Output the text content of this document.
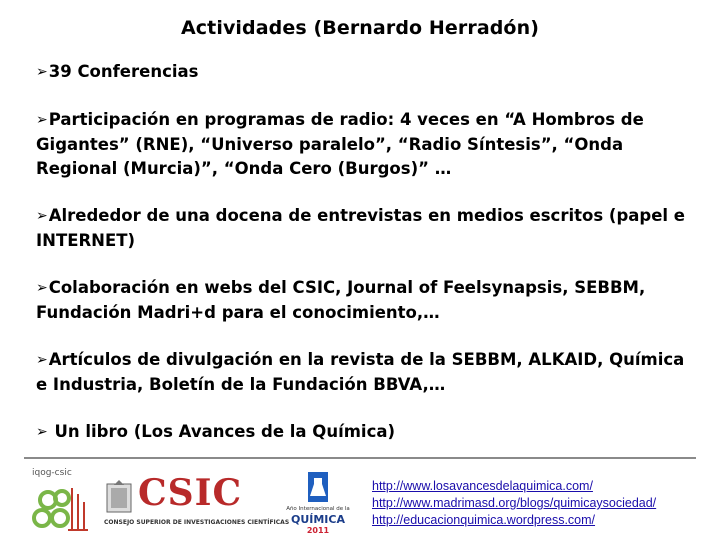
Actividades (Bernardo Herradón)
➢39 Conferencias
➢Participación en programas de radio: 4 veces en “A Hombros de Gigantes” (RNE), “Universo paralelo”, “Radio Síntesis”, “Onda Regional (Murcia)”, “Onda Cero (Burgos)” …
➢Alrededor de una docena de entrevistas en medios escritos (papel e INTERNET)
➢Colaboración en webs del CSIC, Journal of Feelsynapsis, SEBBM, Fundación Madri+d para el conocimiento,…
➢Artículos de divulgación en la revista de la SEBBM, ALKAID, Química e Industria, Boletín de la Fundación BBVA,…
➢ Un libro (Los Avances de la Química)
iqog-csic CSIC
CONSEJO SUPERIOR DE INVESTIGACIONES CIENTÍFICAS
Año Internacional de la
QUÍMICA
2011
http://www.losavancesdelaquimica.com/
http://www.madrimasd.org/blogs/quimicaysociedad/
http://educacionquimica.wordpress.com/
